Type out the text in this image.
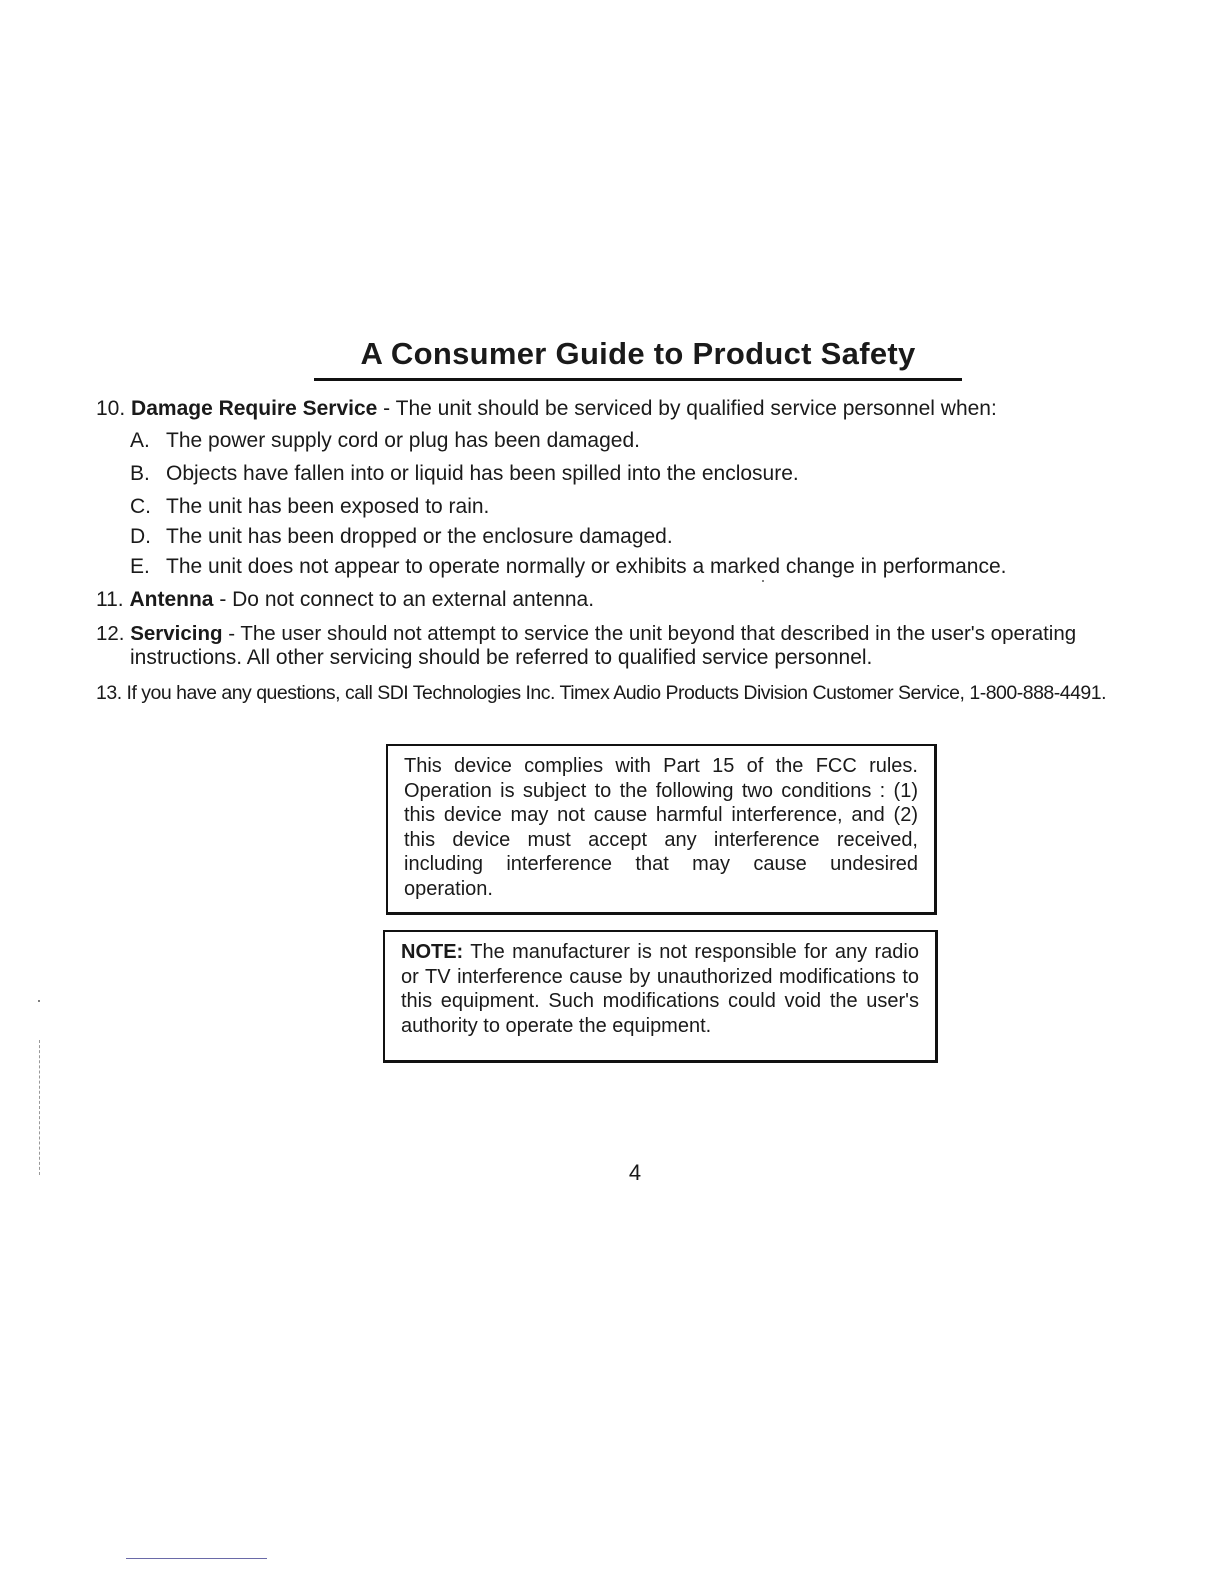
A Consumer Guide to Product Safety
10. Damage Require Service - The unit should be serviced by qualified service personnel when:
A. The power supply cord or plug has been damaged.
B. Objects have fallen into or liquid has been spilled into the enclosure.
C. The unit has been exposed to rain.
D. The unit has been dropped or the enclosure damaged.
E. The unit does not appear to operate normally or exhibits a marked change in performance.
11. Antenna - Do not connect to an external antenna.
12. Servicing - The user should not attempt to service the unit beyond that described in the user's operating
instructions. All other servicing should be referred to qualified service personnel.
13. If you have any questions, call SDI Technologies Inc. Timex Audio Products Division Customer Service, 1-800-888-4491.
This device complies with Part 15 of the FCC rules. Operation is subject to the following two conditions : (1) this device may not cause harmful interference, and (2) this device must accept any interference received, including interference that may cause undesired operation.
NOTE: The manufacturer is not responsible for any radio or TV interference cause by unauthorized modifications to this equipment. Such modifications could void the user's authority to operate the equipment.
4
